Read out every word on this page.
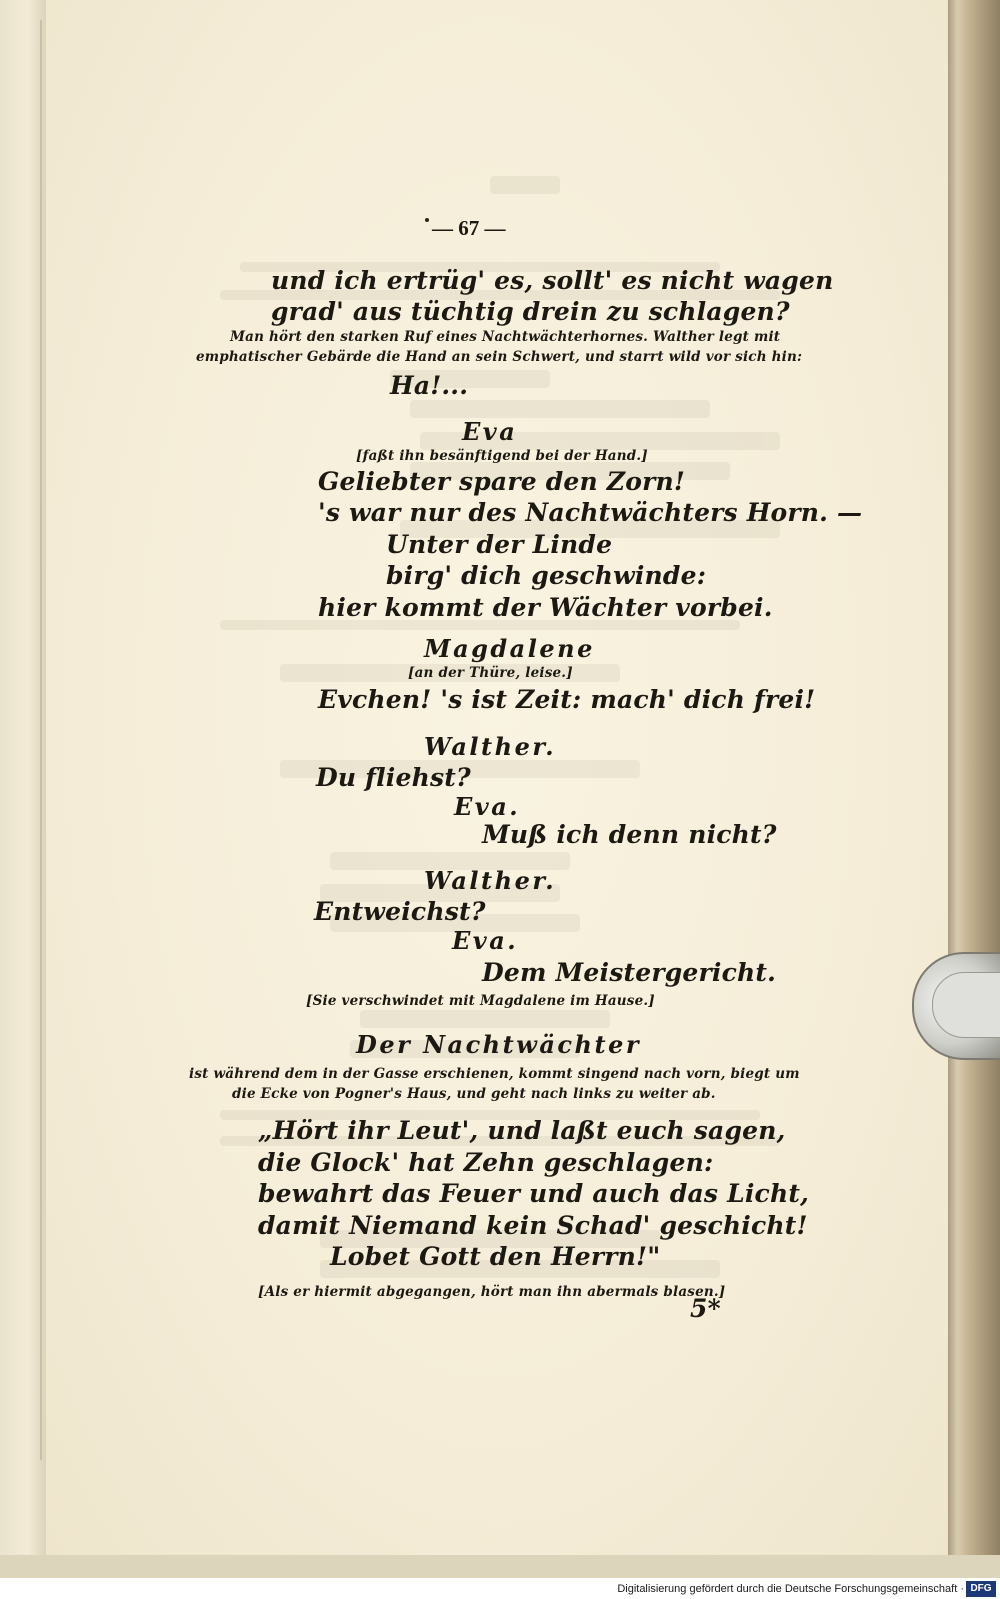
— 67 —
und ich ertrüg' es, sollt' es nicht wagen
grad' aus tüchtig drein zu schlagen?
Man hört den starken Ruf eines Nachtwächterhornes. Walther legt mit
emphatischer Gebärde die Hand an sein Schwert, und starrt wild vor sich hin:
Ha!...
Eva
[faßt ihn besänftigend bei der Hand.]
Geliebter spare den Zorn!
's war nur des Nachtwächters Horn. —
Unter der Linde
birg' dich geschwinde:
hier kommt der Wächter vorbei.
Magdalene
[an der Thüre, leise.]
Evchen! 's ist Zeit: mach' dich frei!
Walther.
Du fliehst?
Eva.
Muß ich denn nicht?
Walther.
Entweichst?
Eva.
Dem Meistergericht.
[Sie verschwindet mit Magdalene im Hause.]
Der Nachtwächter
ist während dem in der Gasse erschienen, kommt singend nach vorn, biegt um
die Ecke von Pogner's Haus, und geht nach links zu weiter ab.
„Hört ihr Leut', und laßt euch sagen,
die Glock' hat Zehn geschlagen:
bewahrt das Feuer und auch das Licht,
damit Niemand kein Schad' geschicht!
Lobet Gott den Herrn!"
[Als er hiermit abgegangen, hört man ihn abermals blasen.]
5*
Digitalisierung gefördert durch die Deutsche Forschungsgemeinschaft · DFG
